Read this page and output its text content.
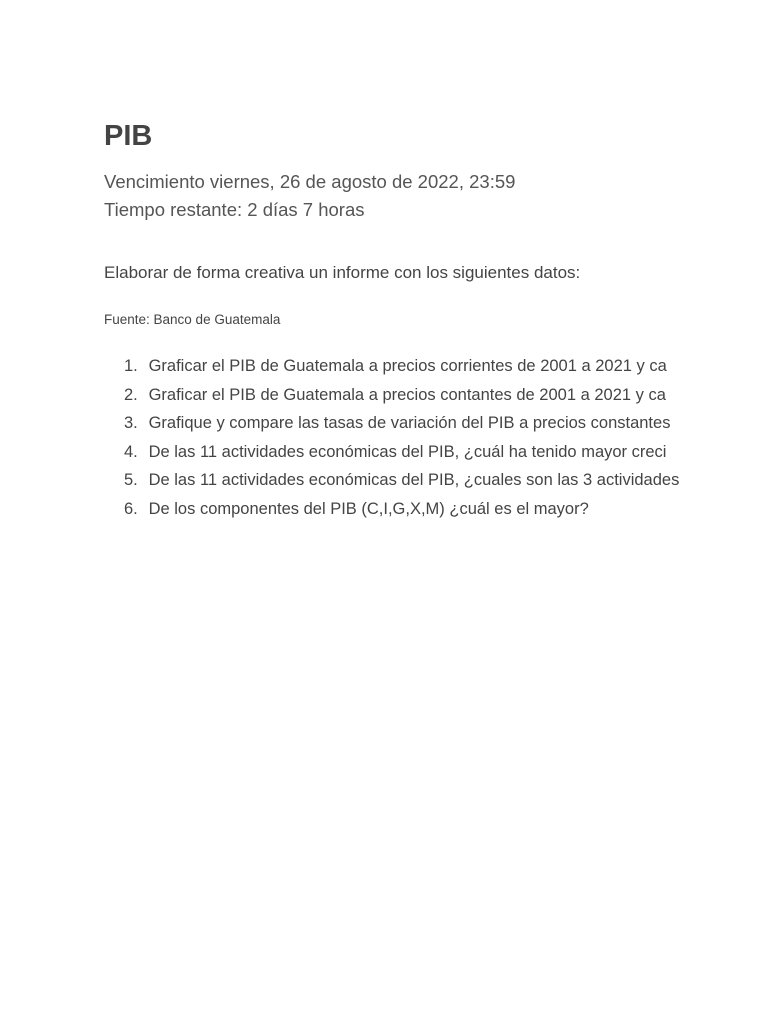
PIB
Vencimiento viernes, 26 de agosto de 2022, 23:59
Tiempo restante: 2 días 7 horas
Elaborar de forma creativa un informe con los siguientes datos:
Fuente: Banco de Guatemala
1. Graficar el PIB de Guatemala a precios corrientes de 2001 a 2021 y ca
2. Graficar el PIB de Guatemala a precios contantes de 2001 a 2021 y ca
3. Grafique y compare las tasas de variación del PIB a precios constantes
4. De las 11 actividades económicas del PIB, ¿cuál ha tenido mayor creci
5. De las 11 actividades económicas del PIB, ¿cuales son las 3 actividades
6. De los componentes del PIB (C,I,G,X,M) ¿cuál es el mayor?
